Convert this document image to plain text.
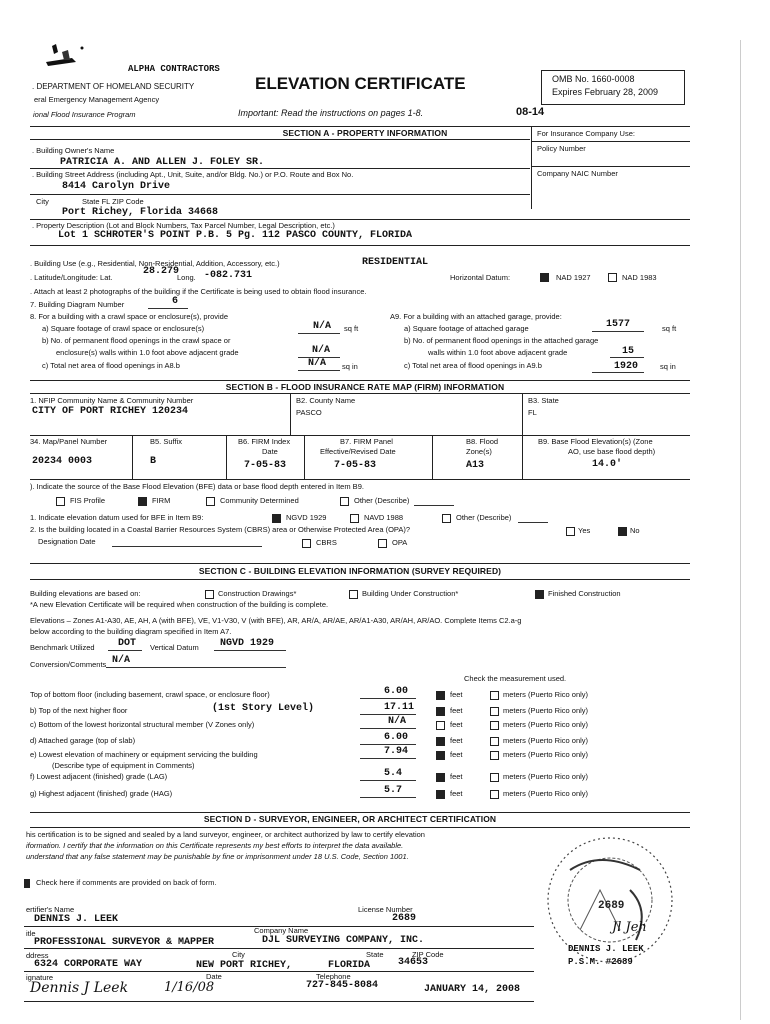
ALPHA CONTRACTORS
. DEPARTMENT OF HOMELAND SECURITY
eral Emergency Management Agency
ional Flood Insurance Program
ELEVATION CERTIFICATE	OMB No. 1660-0008
Expires February 28, 2009
Important: Read the instructions on pages 1-8.	08-14
SECTION A - PROPERTY INFORMATION	For Insurance Company Use:
Policy Number
Company NAIC Number
. Building Owner's Name
PATRICIA A. AND ALLEN J. FOLEY SR.
. Building Street Address (including Apt., Unit, Suite, and/or Bldg. No.) or P.O. Route and Box No.
8414 Carolyn Drive
City	State FL ZIP Code
Port Richey, Florida 34668
. Property Description (Lot and Block Numbers, Tax Parcel Number, Legal Description, etc.)
Lot 1 SCHROTER'S POINT P.B. 5 Pg. 112 PASCO COUNTY, FLORIDA
. Building Use (e.g., Residential, Non-Residential, Addition, Accessory, etc.)	RESIDENTIAL
. Latitude/Longitude: Lat.
28.279
Long. -082.731	Horizontal Datum:	NAD 1927	NAD 1983
. Attach at least 2 photographs of the building if the Certificate is being used to obtain flood insurance.
7. Building Diagram Number	6
8. For a building with a crawl space or enclosure(s), provide
a) Square footage of crawl space or enclosure(s)	N/A sq ft
b) No. of permanent flood openings in the crawl space or
enclosure(s) walls within 1.0 foot above adjacent grade	N/A
c) Total net area of flood openings in A8.b	N/A sq in
A9. For a building with an attached garage, provide:
a) Square footage of attached garage	1577	sq ft
b) No. of permanent flood openings in the attached garage
walls within 1.0 foot above adjacent grade	15
c) Total net area of flood openings in A9.b	1920	sq in
SECTION B - FLOOD INSURANCE RATE MAP (FIRM) INFORMATION
1. NFIP Community Name & Community Number
CITY OF PORT RICHEY 120234
B2. County Name
PASCO
B3. State
FL
34. Map/Panel Number
20234 0003
B5. Suffix
B
B6. FIRM Index
Date
7-05-83
B7. FIRM Panel
Effective/Revised Date
7-05-83
B8. Flood
Zone(s)
A13
B9. Base Flood Elevation(s) (Zone
AO, use base flood depth)
14.0'
). Indicate the source of the Base Flood Elevation (BFE) data or base flood depth entered in Item B9.
FIS Profile	FIRM	Community Determined	Other (Describe)
1. Indicate elevation datum used for BFE in Item B9:	NGVD 1929	NAVD 1988	Other (Describe)
2. Is the building located in a Coastal Barrier Resources System (CBRS) area or Otherwise Protected Area (OPA)?
Designation Date
Yes	No
CBRS	OPA
SECTION C - BUILDING ELEVATION INFORMATION (SURVEY REQUIRED)
Building elevations are based on:	Construction Drawings*	Building Under Construction*	Finished Construction
*A new Elevation Certificate will be required when construction of the building is complete.
Elevations – Zones A1-A30, AE, AH, A (with BFE), VE, V1-V30, V (with BFE), AR, AR/A, AR/AE, AR/A1-A30, AR/AH, AR/AO. Complete Items C2.a-g
below according to the building diagram specified in Item A7.
Benchmark Utilized DOT Vertical Datum NGVD 1929
Conversion/Comments N/A
Check the measurement used.
Top of bottom floor (including basement, crawl space, or enclosure floor)	6.00	feet	meters (Puerto Rico only)
b) Top of the next higher floor	(1st Story Level)	17.11	feet	meters (Puerto Rico only)
c) Bottom of the lowest horizontal structural member (V Zones only)	N/A	feet	meters (Puerto Rico only)
d) Attached garage (top of slab)	6.00	feet	meters (Puerto Rico only)
e) Lowest elevation of machinery or equipment servicing the building
(Describe type of equipment in Comments)
7.94	feet	meters (Puerto Rico only)
f) Lowest adjacent (finished) grade (LAG)	5.4	feet	meters (Puerto Rico only)
g) Highest adjacent (finished) grade (HAG)	5.7	feet	meters (Puerto Rico only)
SECTION D - SURVEYOR, ENGINEER, OR ARCHITECT CERTIFICATION
his certification is to be signed and sealed by a land surveyor, engineer, or architect authorized by law to certify elevation
iformation. I certify that the information on this Certificate represents my best efforts to interpret the data available.
understand that any false statement may be punishable by fine or imprisonment under 18 U.S. Code, Section 1001.
Check here if comments are provided on back of form.
ertifier's Name
DENNIS J. LEEK
License Number
2689
itle	Company Name
PROFESSIONAL SURVEYOR & MAPPER	DJL SURVEYING COMPANY, INC.
ddress	City	State	ZIP Code
6324 CORPORATE WAY	NEW PORT RICHEY,	FLORIDA	34653
ignature	Date	Telephone
Dennis J Leek	1/16/08	727-845-8084	JANUARY 14, 2008
2689
Jl Jeh
DENNIS J. LEEK
P.S.M. #2689
